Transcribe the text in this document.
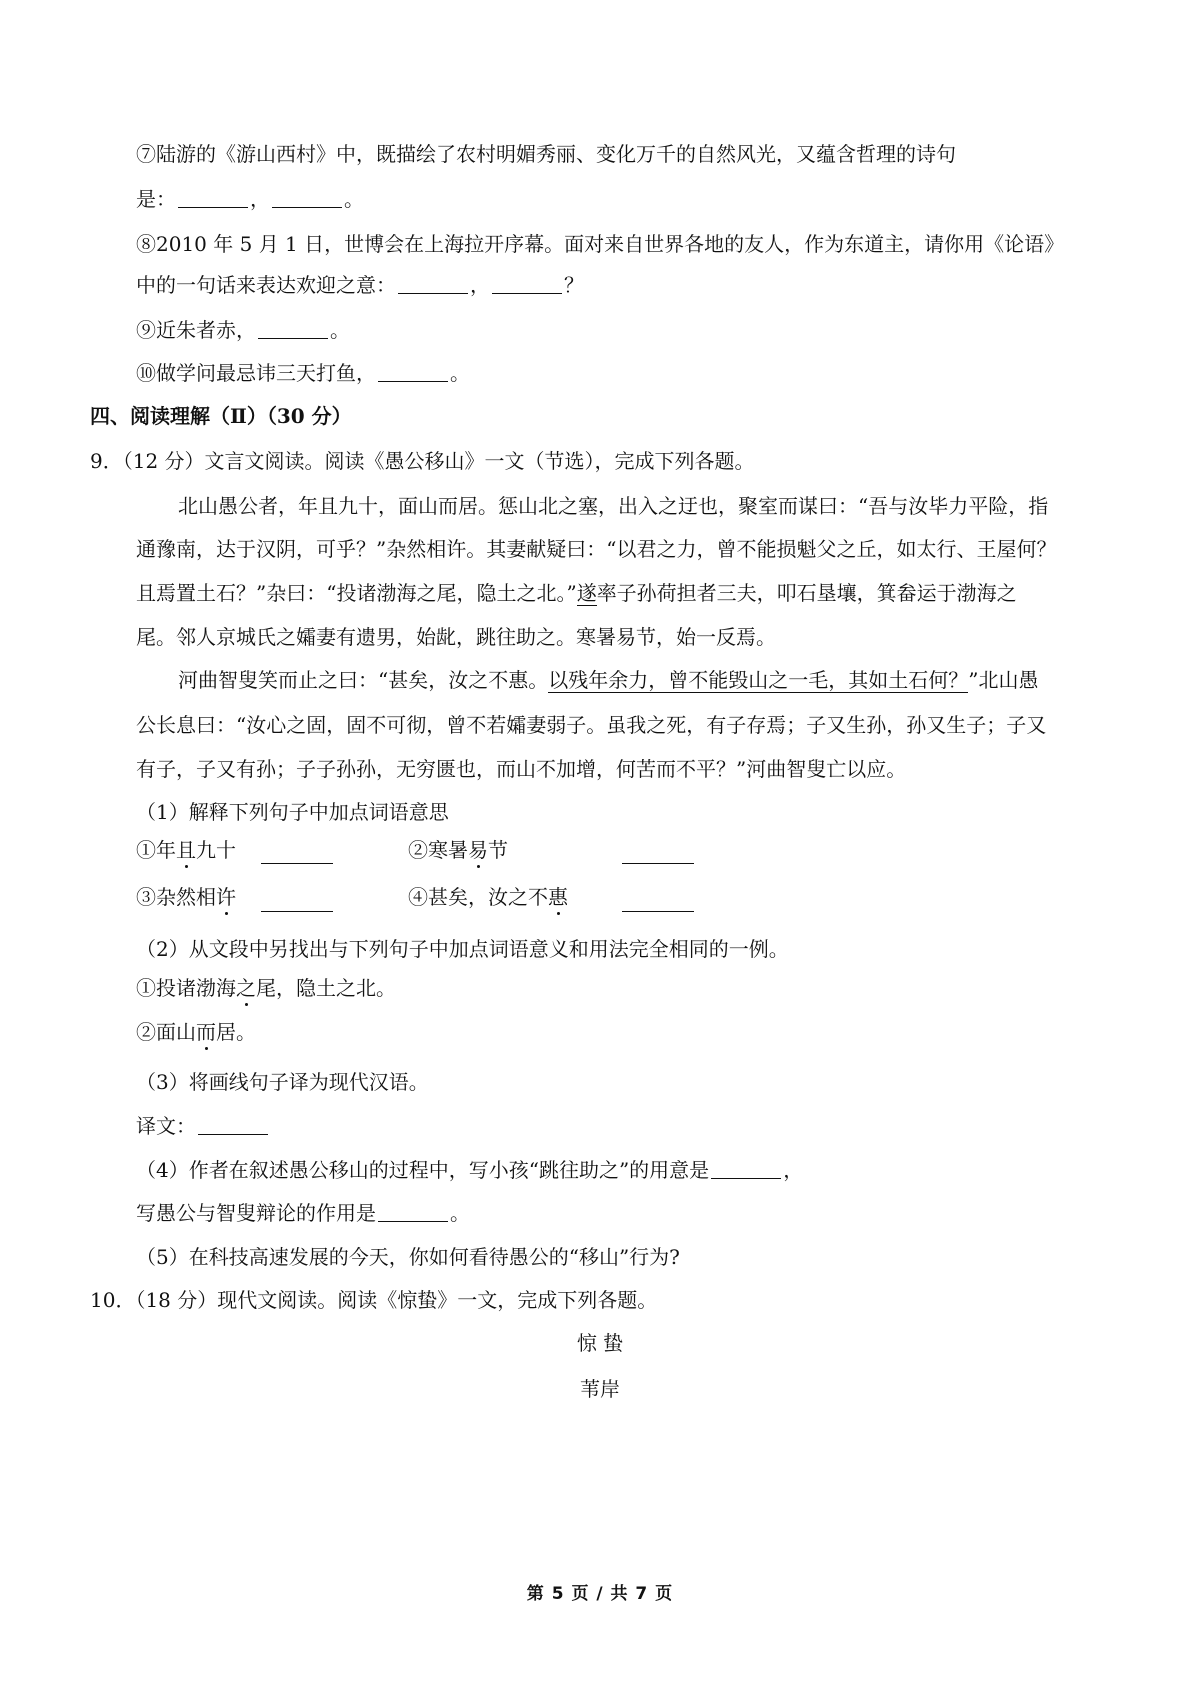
⑦陆游的《游山西村》中，既描绘了农村明媚秀丽、变化万千的自然风光，又蕴含哲理的诗句
是：	，	。
⑧2010 年 5 月 1 日，世博会在上海拉开序幕。面对来自世界各地的友人，作为东道主，请你用《论语》
中的一句话来表达欢迎之意：	，	？
⑨近朱者赤，	。
⑩做学问最忌讳三天打鱼，	。
四、阅读理解（Ⅱ）（30 分）
9．（12 分）文言文阅读。阅读《愚公移山》一文（节选），完成下列各题。
北山愚公者，年且九十，面山而居。惩山北之塞，出入之迂也，聚室而谋曰：“吾与汝毕力平险，指
通豫南，达于汉阴，可乎？”杂然相许。其妻献疑曰：“以君之力，曾不能损魁父之丘，如太行、王屋何？
且焉置土石？”杂曰：“投诸渤海之尾，隐土之北。”遂率子孙荷担者三夫，叩石垦壤，箕畚运于渤海之
尾。邻人京城氏之孀妻有遗男，始龀，跳往助之。寒暑易节，始一反焉。
河曲智叟笑而止之曰：“甚矣，汝之不惠。以残年余力，曾不能毁山之一毛，其如土石何？”北山愚
公长息曰：“汝心之固，固不可彻，曾不若孀妻弱子。虽我之死，有子存焉；子又生孙，孙又生子；子又
有子，子又有孙；子子孙孙，无穷匮也，而山不加增，何苦而不平？”河曲智叟亡以应。
（1）解释下列句子中加点词语意思
①年且九十	②寒暑易节
③杂然相许	④甚矣，汝之不惠
（2）从文段中另找出与下列句子中加点词语意义和用法完全相同的一例。
①投诸渤海之尾，隐土之北。
②面山而居。
（3）将画线句子译为现代汉语。
译文：
（4）作者在叙述愚公移山的过程中，写小孩“跳往助之”的用意是	，
写愚公与智叟辩论的作用是	。
（5）在科技高速发展的今天，你如何看待愚公的“移山”行为?
10．（18 分）现代文阅读。阅读《惊蛰》一文，完成下列各题。
惊 蛰
苇岸
第 5 页 / 共 7 页
